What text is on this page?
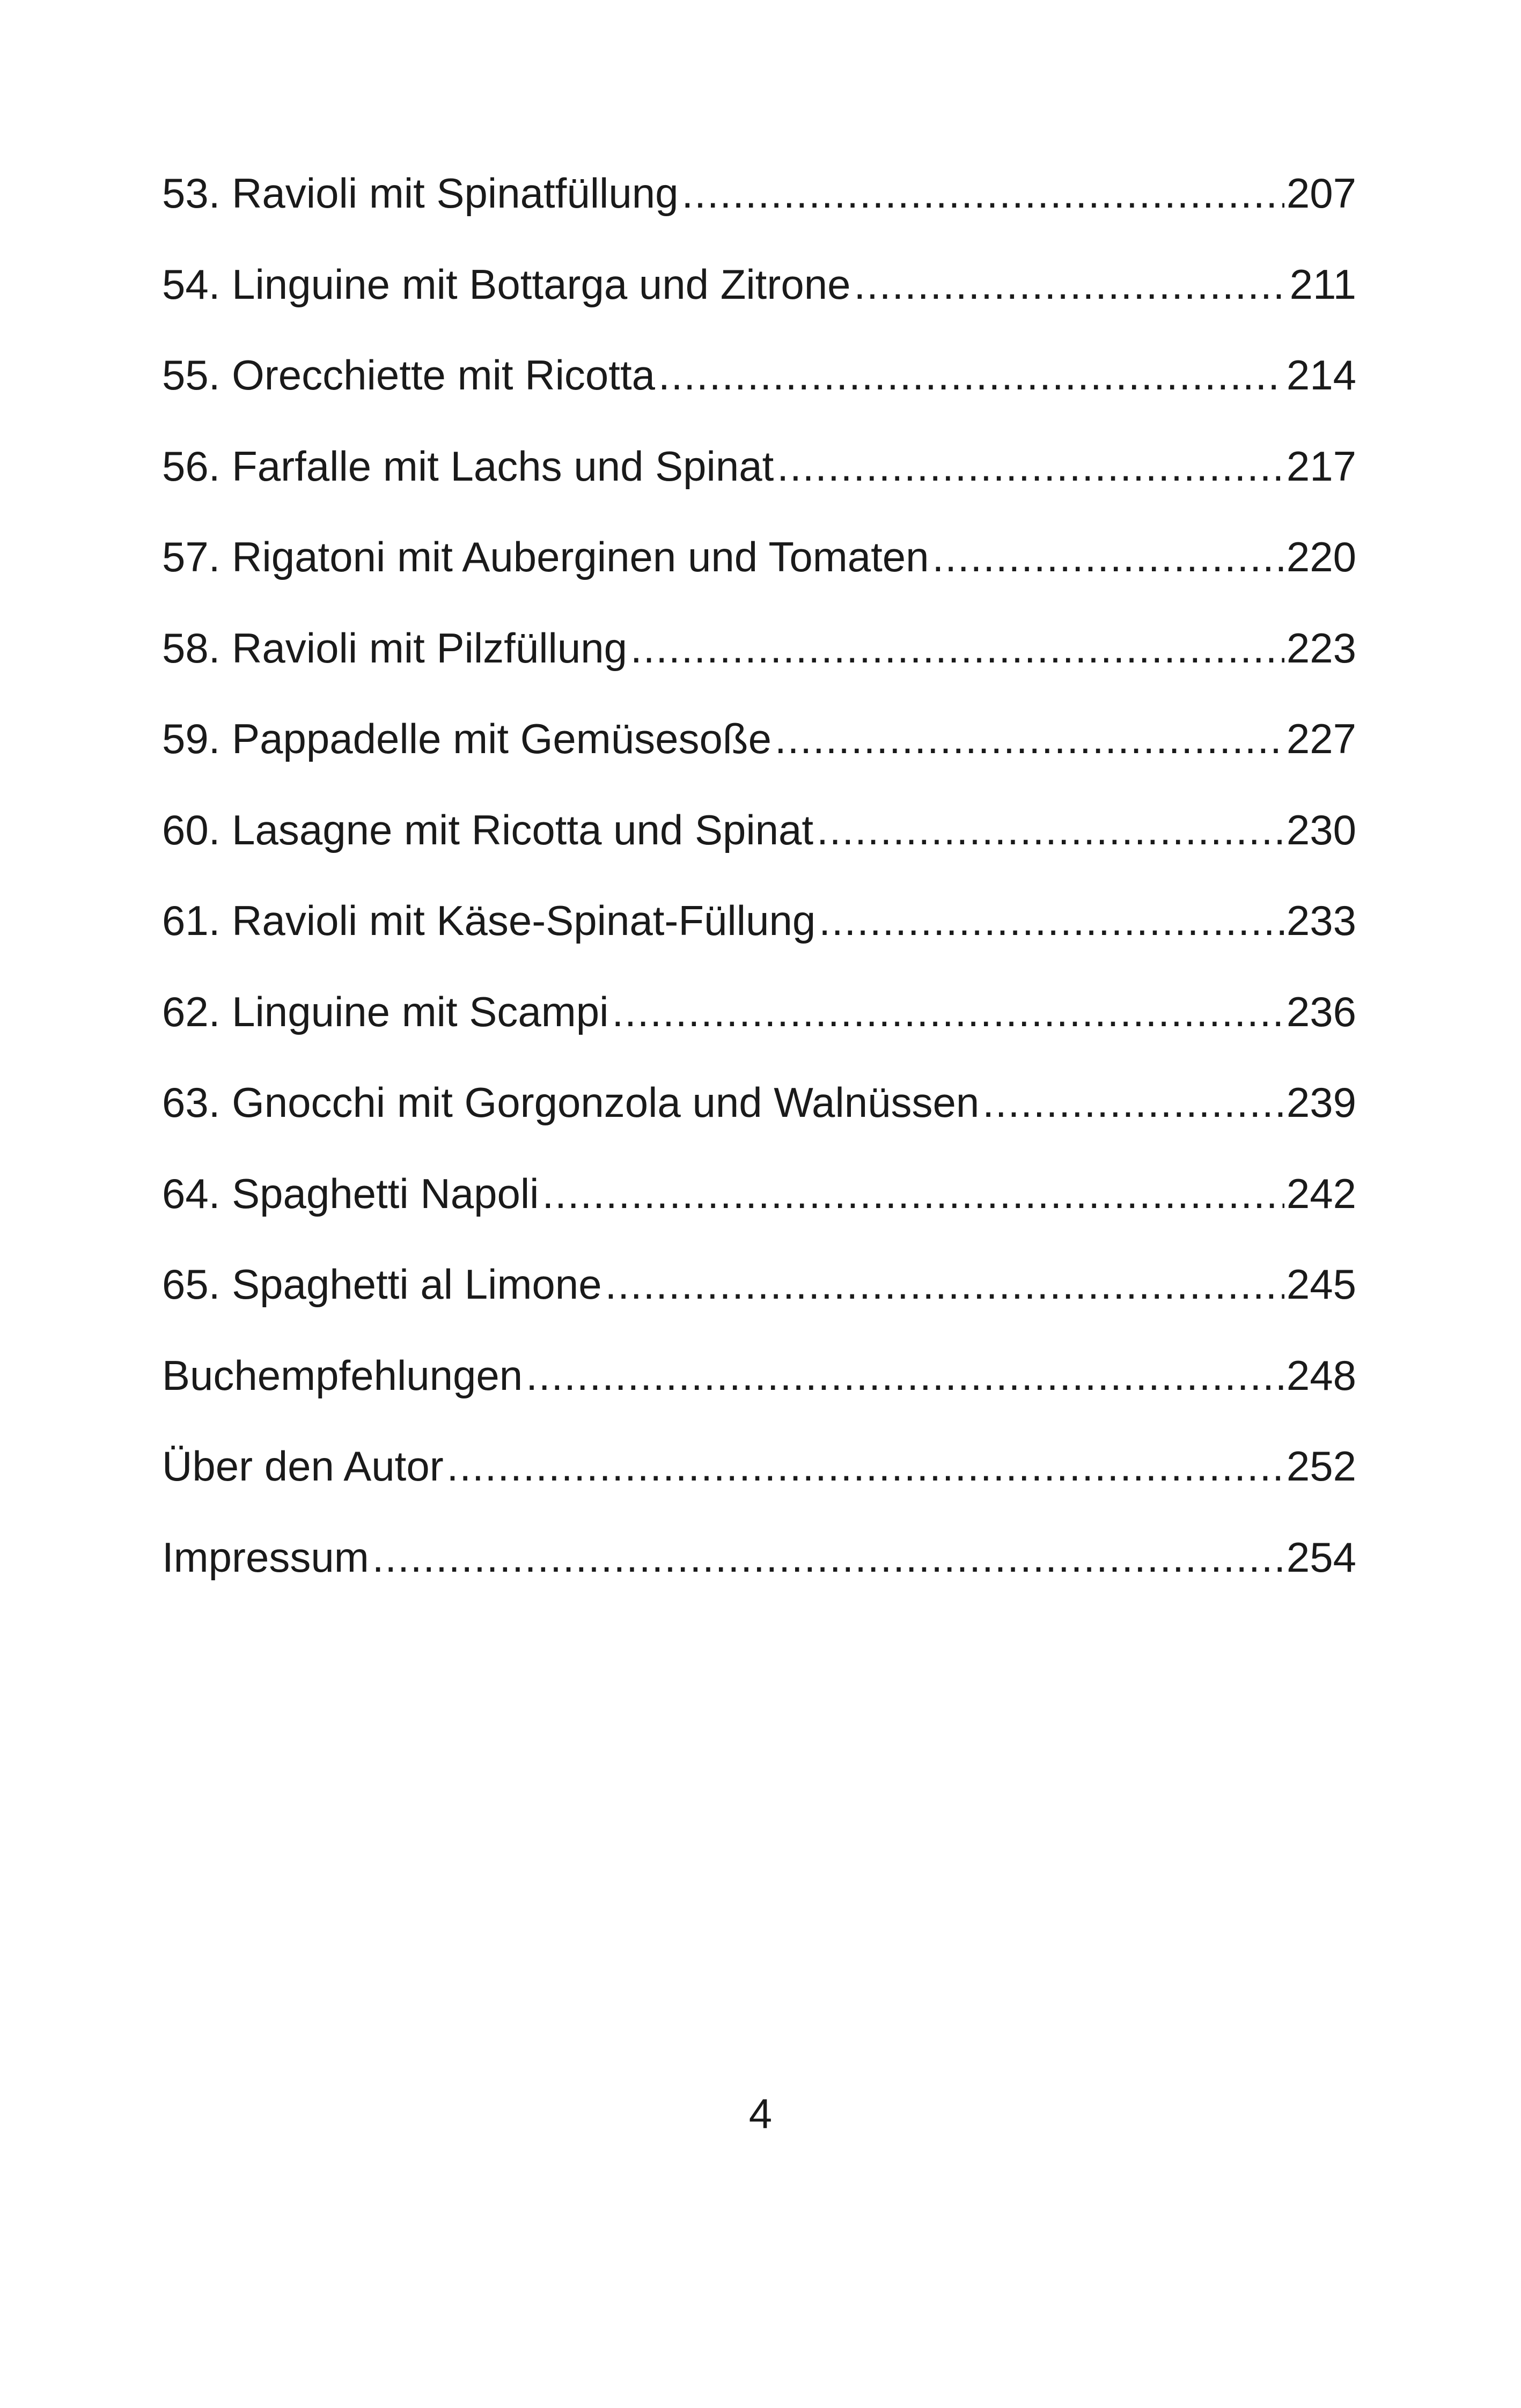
53. Ravioli mit Spinatfüllung .....	207
54. Linguine mit Bottarga und Zitrone .....	211
55. Orecchiette mit Ricotta .....	214
56. Farfalle mit Lachs und Spinat .....	217
57. Rigatoni mit Auberginen und Tomaten .....	220
58. Ravioli mit Pilzfüllung .....	223
59. Pappadelle mit Gemüsesoße .....	227
60. Lasagne mit Ricotta und Spinat .....	230
61. Ravioli mit Käse-Spinat-Füllung .....	233
62. Linguine mit Scampi .....	236
63. Gnocchi mit Gorgonzola und Walnüssen .....	239
64. Spaghetti Napoli .....	242
65. Spaghetti al Limone .....	245
Buchempfehlungen .....	248
Über den Autor .....	252
Impressum .....	254
4
